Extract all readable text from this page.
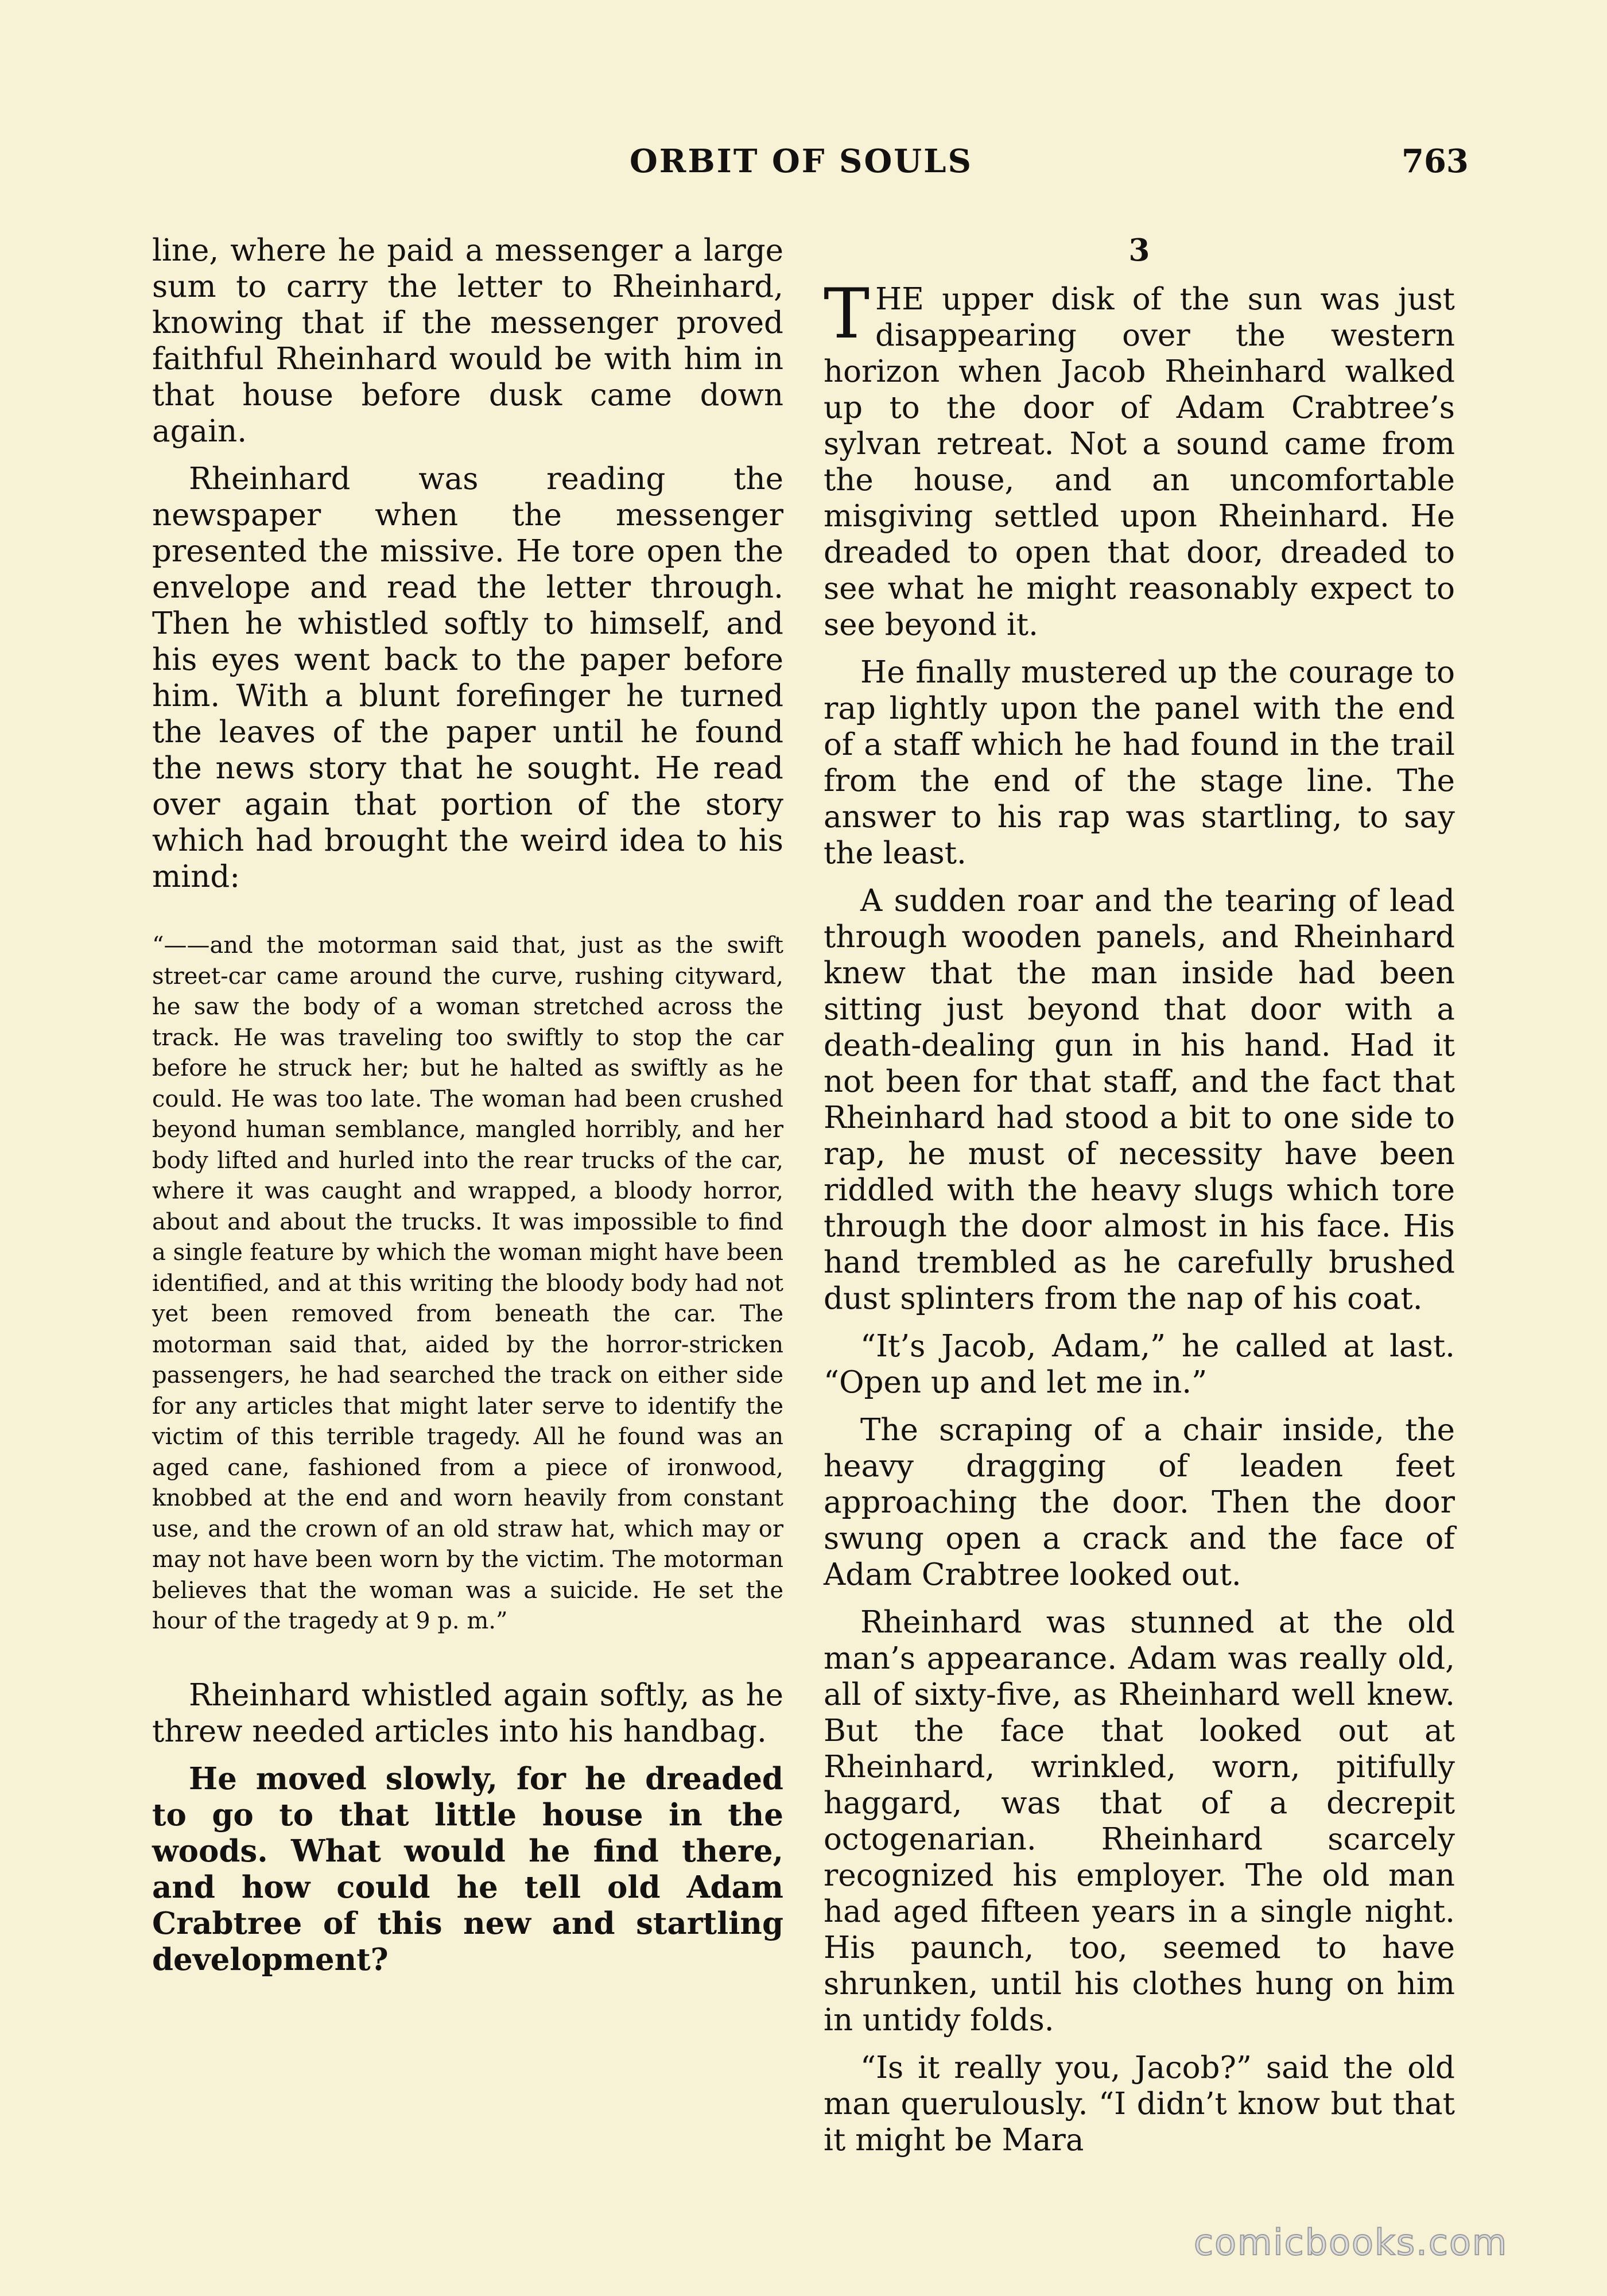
ORBIT OF SOULS	763

line, where he paid a messenger a large sum to carry the letter to Rheinhard, knowing that if the messenger proved faithful Rheinhard would be with him in that house before dusk came down again.

Rheinhard was reading the newspaper when the messenger presented the missive. He tore open the envelope and read the letter through. Then he whistled softly to himself, and his eyes went back to the paper before him. With a blunt forefinger he turned the leaves of the paper until he found the news story that he sought. He read over again that portion of the story which had brought the weird idea to his mind:

“——and the motorman said that, just as the swift street-car came around the curve, rushing cityward, he saw the body of a woman stretched across the track. He was traveling too swiftly to stop the car before he struck her; but he halted as swiftly as he could. He was too late. The woman had been crushed beyond human semblance, mangled horribly, and her body lifted and hurled into the rear trucks of the car, where it was caught and wrapped, a bloody horror, about and about the trucks. It was impossible to find a single feature by which the woman might have been identified, and at this writing the bloody body had not yet been removed from beneath the car. The motorman said that, aided by the horror-stricken passengers, he had searched the track on either side for any articles that might later serve to identify the victim of this terrible tragedy. All he found was an aged cane, fashioned from a piece of ironwood, knobbed at the end and worn heavily from constant use, and the crown of an old straw hat, which may or may not have been worn by the victim. The motorman believes that the woman was a suicide. He set the hour of the tragedy at 9 p. m.”

Rheinhard whistled again softly, as he threw needed articles into his handbag.

He moved slowly, for he dreaded to go to that little house in the woods. What would he find there, and how could he tell old Adam Crabtree of this new and startling development?

3

THE upper disk of the sun was just disappearing over the western horizon when Jacob Rheinhard walked up to the door of Adam Crabtree’s sylvan retreat. Not a sound came from the house, and an uncomfortable misgiving settled upon Rheinhard. He dreaded to open that door, dreaded to see what he might reasonably expect to see beyond it.

He finally mustered up the courage to rap lightly upon the panel with the end of a staff which he had found in the trail from the end of the stage line. The answer to his rap was startling, to say the least.

A sudden roar and the tearing of lead through wooden panels, and Rheinhard knew that the man inside had been sitting just beyond that door with a death-dealing gun in his hand. Had it not been for that staff, and the fact that Rheinhard had stood a bit to one side to rap, he must of necessity have been riddled with the heavy slugs which tore through the door almost in his face. His hand trembled as he carefully brushed dust splinters from the nap of his coat.

“It’s Jacob, Adam,” he called at last. “Open up and let me in.”

The scraping of a chair inside, the heavy dragging of leaden feet approaching the door. Then the door swung open a crack and the face of Adam Crabtree looked out.

Rheinhard was stunned at the old man’s appearance. Adam was really old, all of sixty-five, as Rheinhard well knew. But the face that looked out at Rheinhard, wrinkled, worn, pitifully haggard, was that of a decrepit octogenarian. Rheinhard scarcely recognized his employer. The old man had aged fifteen years in a single night. His paunch, too, seemed to have shrunken, until his clothes hung on him in untidy folds.

“Is it really you, Jacob?” said the old man querulously. “I didn’t know but that it might be Mara

comicbooks.com
